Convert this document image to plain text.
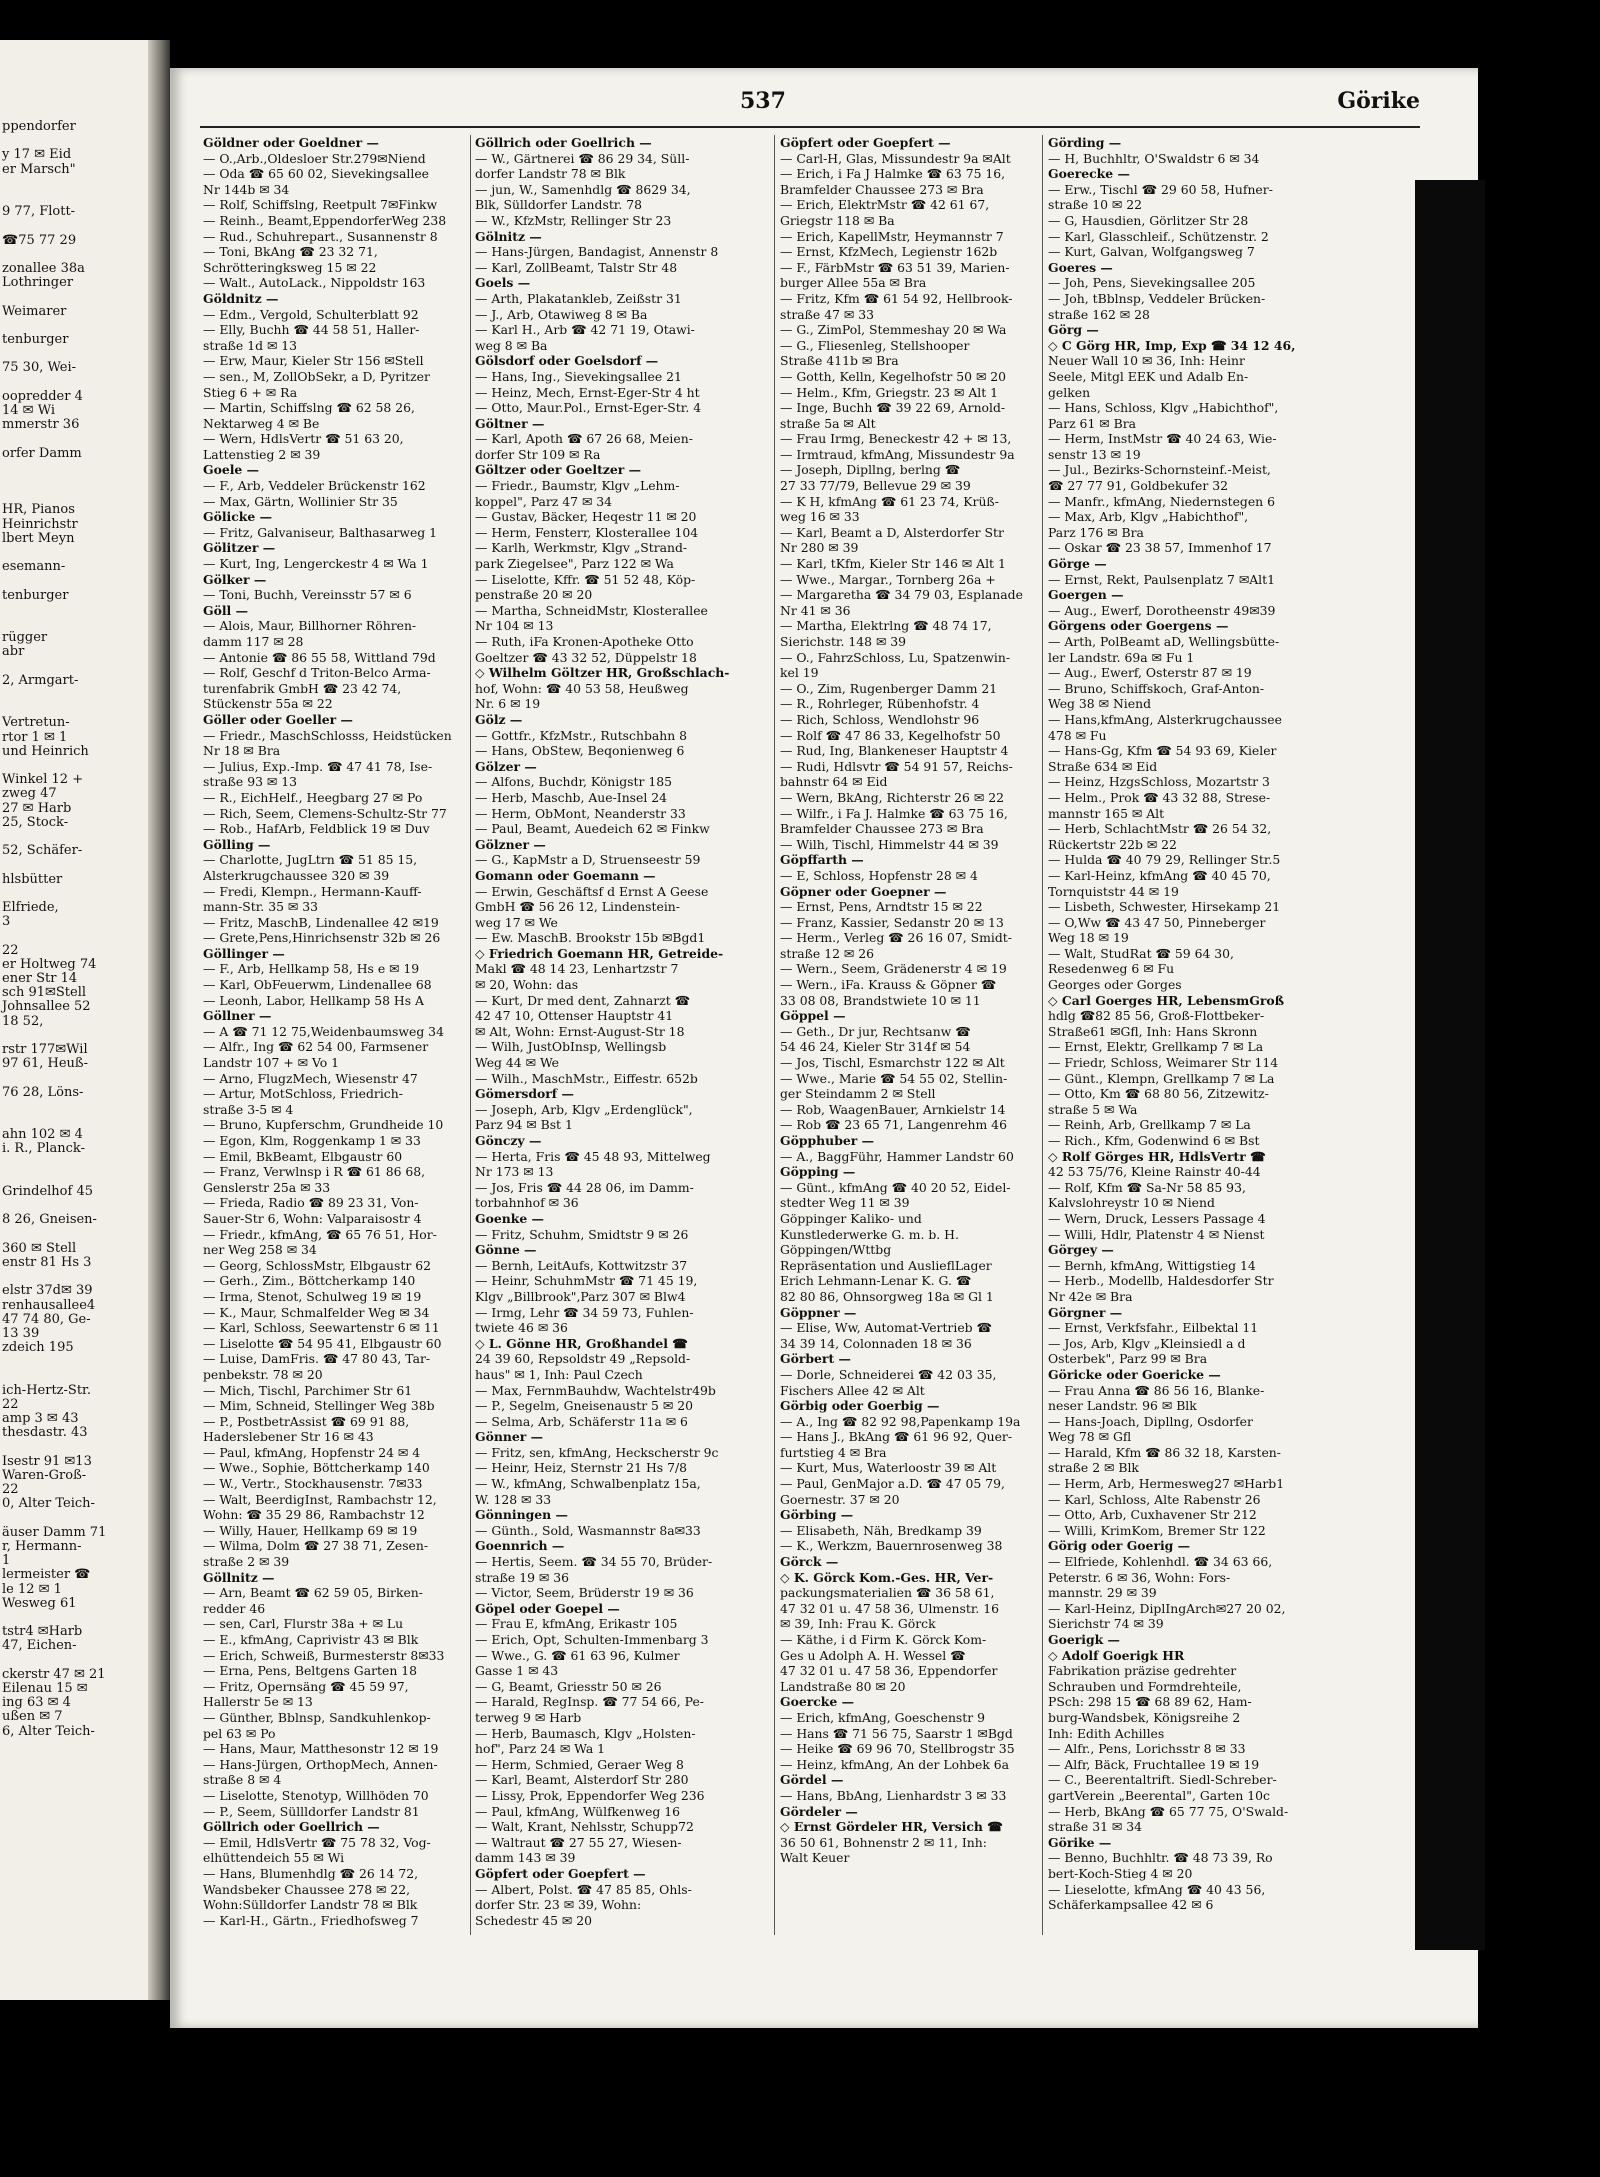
ppendorfer
y 17 ✉ Eid
er Marsch"
9 77, Flott-
☎75 77 29
zonallee 38a
Lothringer
Weimarer
tenburger
75 30, Wei-
oopredder 4
14 ✉ Wi
mmerstr 36
orfer Damm
HR, Pianos
Heinrichstr
lbert Meyn
esemann-
tenburger
rügger
abr
2, Armgart-
Vertretun-
rtor 1 ✉ 1
und Heinrich
Winkel 12 +
zweg 47
27 ✉ Harb
25, Stock-
52, Schäfer-
hlsbütter
Elfriede,
3
22
er Holtweg 74
ener Str 14
sch 91✉Stell
Johnsallee 52
18 52,
rstr 177✉Wil
97 61, Heuß-
76 28, Löns-
ahn 102 ✉ 4
i. R., Planck-
Grindelhof 45
8 26, Gneisen-
360 ✉ Stell
enstr 81 Hs 3
elstr 37d✉ 39
renhausallee4
47 74 80, Ge-
13 39
zdeich 195
ich-Hertz-Str.
22
amp 3 ✉ 43
thesdastr. 43
Isestr 91 ✉13
Waren-Groß-
22
0, Alter Teich-
äuser Damm 71
r, Hermann-
1
lermeister ☎
le 12 ✉ 1
Wesweg 61
tstr4 ✉Harb
47, Eichen-
ckerstr 47 ✉ 21
Eilenau 15 ✉
ing 63 ✉ 4
ußen ✉ 7
6, Alter Teich-
537	Görike
Göldner oder Goeldner —
— O.,Arb.,Oldesloer Str.279✉Niend
— Oda ☎ 65 60 02, Sievekingsallee
Nr 144b ✉ 34
— Rolf, Schiffslng, Reetpult 7✉Finkw
— Reinh., Beamt,EppendorferWeg 238
— Rud., Schuhrepart., Susannenstr 8
— Toni, BkAng ☎ 23 32 71,
Schrötteringksweg 15 ✉ 22
— Walt., AutoLack., Nippoldstr 163
Göldnitz —
— Edm., Vergold, Schulterblatt 92
— Elly, Buchh ☎ 44 58 51, Haller-
straße 1d ✉ 13
— Erw, Maur, Kieler Str 156 ✉Stell
— sen., M, ZollObSekr, a D, Pyritzer
Stieg 6 + ✉ Ra
— Martin, Schiffslng ☎ 62 58 26,
Nektarweg 4 ✉ Be
— Wern, HdlsVertr ☎ 51 63 20,
Lattenstieg 2 ✉ 39
Goele —
— F., Arb, Veddeler Brückenstr 162
— Max, Gärtn, Wollinier Str 35
Gölicke —
— Fritz, Galvaniseur, Balthasarweg 1
Gölitzer —
— Kurt, Ing, Lengerckestr 4 ✉ Wa 1
Gölker —
— Toni, Buchh, Vereinsstr 57 ✉ 6
Göll —
— Alois, Maur, Billhorner Röhren-
damm 117 ✉ 28
— Antonie ☎ 86 55 58, Wittland 79d
— Rolf, Geschf d Triton-Belco Arma-
turenfabrik GmbH ☎ 23 42 74,
Stückenstr 55a ✉ 22
Göller oder Goeller —
— Friedr., MaschSchlosss, Heidstücken
Nr 18 ✉ Bra
— Julius, Exp.-Imp. ☎ 47 41 78, Ise-
straße 93 ✉ 13
— R., EichHelf., Heegbarg 27 ✉ Po
— Rich, Seem, Clemens-Schultz-Str 77
— Rob., HafArb, Feldblick 19 ✉ Duv
Gölling —
— Charlotte, JugLtrn ☎ 51 85 15,
Alsterkrugchaussee 320 ✉ 39
— Fredi, Klempn., Hermann-Kauff-
mann-Str. 35 ✉ 33
— Fritz, MaschB, Lindenallee 42 ✉19
— Grete,Pens,Hinrichsenstr 32b ✉ 26
Göllinger —
— F., Arb, Hellkamp 58, Hs e ✉ 19
— Karl, ObFeuerwm, Lindenallee 68
— Leonh, Labor, Hellkamp 58 Hs A
Göllner —
— A ☎ 71 12 75,Weidenbaumsweg 34
— Alfr., Ing ☎ 62 54 00, Farmsener
Landstr 107 + ✉ Vo 1
— Arno, FlugzMech, Wiesenstr 47
— Artur, MotSchloss, Friedrich-
straße 3-5 ✉ 4
— Bruno, Kupferschm, Grundheide 10
— Egon, Klm, Roggenkamp 1 ✉ 33
— Emil, BkBeamt, Elbgaustr 60
— Franz, Verwlnsp i R ☎ 61 86 68,
Genslerstr 25a ✉ 33
— Frieda, Radio ☎ 89 23 31, Von-
Sauer-Str 6, Wohn: Valparaisostr 4
— Friedr., kfmAng, ☎ 65 76 51, Hor-
ner Weg 258 ✉ 34
— Georg, SchlossMstr, Elbgaustr 62
— Gerh., Zim., Böttcherkamp 140
— Irma, Stenot, Schulweg 19 ✉ 19
— K., Maur, Schmalfelder Weg ✉ 34
— Karl, Schloss, Seewartenstr 6 ✉ 11
— Liselotte ☎ 54 95 41, Elbgaustr 60
— Luise, DamFris. ☎ 47 80 43, Tar-
penbekstr. 78 ✉ 20
— Mich, Tischl, Parchimer Str 61
— Mim, Schneid, Stellinger Weg 38b
— P., PostbetrAssist ☎ 69 91 88,
Haderslebener Str 16 ✉ 43
— Paul, kfmAng, Hopfenstr 24 ✉ 4
— Wwe., Sophie, Böttcherkamp 140
— W., Vertr., Stockhausenstr. 7✉33
— Walt, BeerdigInst, Rambachstr 12,
Wohn: ☎ 35 29 86, Rambachstr 12
— Willy, Hauer, Hellkamp 69 ✉ 19
— Wilma, Dolm ☎ 27 38 71, Zesen-
straße 2 ✉ 39
Göllnitz —
— Arn, Beamt ☎ 62 59 05, Birken-
redder 46
— sen, Carl, Flurstr 38a + ✉ Lu
— E., kfmAng, Caprivistr 43 ✉ Blk
— Erich, Schweiß, Burmesterstr 8✉33
— Erna, Pens, Beltgens Garten 18
— Fritz, Opernsäng ☎ 45 59 97,
Hallerstr 5e ✉ 13
— Günther, Bblnsp, Sandkuhlenkop-
pel 63 ✉ Po
— Hans, Maur, Matthesonstr 12 ✉ 19
— Hans-Jürgen, OrthopMech, Annen-
straße 8 ✉ 4
— Liselotte, Stenotyp, Willhöden 70
— P., Seem, Süllldorfer Landstr 81
Göllrich oder Goellrich —
— Emil, HdlsVertr ☎ 75 78 32, Vog-
elhüttendeich 55 ✉ Wi
— Hans, Blumenhdlg ☎ 26 14 72,
Wandsbeker Chaussee 278 ✉ 22,
Wohn:Sülldorfer Landstr 78 ✉ Blk
— Karl-H., Gärtn., Friedhofsweg 7
Göllrich oder Goellrich —
— W., Gärtnerei ☎ 86 29 34, Süll-
dorfer Landstr 78 ✉ Blk
— jun, W., Samenhdlg ☎ 8629 34,
Blk, Sülldorfer Landstr. 78
— W., KfzMstr, Rellinger Str 23
Gölnitz —
— Hans-Jürgen, Bandagist, Annenstr 8
— Karl, ZollBeamt, Talstr Str 48
Goels —
— Arth, Plakatankleb, Zeißstr 31
— J., Arb, Otawiweg 8 ✉ Ba
— Karl H., Arb ☎ 42 71 19, Otawi-
weg 8 ✉ Ba
Gölsdorf oder Goelsdorf —
— Hans, Ing., Sievekingsallee 21
— Heinz, Mech, Ernst-Eger-Str 4 ht
— Otto, Maur.Pol., Ernst-Eger-Str. 4
Göltner —
— Karl, Apoth ☎ 67 26 68, Meien-
dorfer Str 109 ✉ Ra
Göltzer oder Goeltzer —
— Friedr., Baumstr, Klgv „Lehm-
koppel", Parz 47 ✉ 34
— Gustav, Bäcker, Heqestr 11 ✉ 20
— Herm, Fensterr, Klosterallee 104
— Karlh, Werkmstr, Klgv „Strand-
park Ziegelsee", Parz 122 ✉ Wa
— Liselotte, Kffr. ☎ 51 52 48, Köp-
penstraße 20 ✉ 20
— Martha, SchneidMstr, Klosterallee
Nr 104 ✉ 13
— Ruth, iFa Kronen-Apotheke Otto
Goeltzer ☎ 43 32 52, Düppelstr 18
◇ Wilhelm Göltzer HR, Großschlach-
hof, Wohn: ☎ 40 53 58, Heußweg
Nr. 6 ✉ 19
Gölz —
— Gottfr., KfzMstr., Rutschbahn 8
— Hans, ObStew, Beqonienweg 6
Gölzer —
— Alfons, Buchdr, Königstr 185
— Herb, Maschb, Aue-Insel 24
— Herm, ObMont, Neanderstr 33
— Paul, Beamt, Auedeich 62 ✉ Finkw
Gölzner —
— G., KapMstr a D, Struenseestr 59
Gomann oder Goemann —
— Erwin, Geschäftsf d Ernst A Geese
GmbH ☎ 56 26 12, Lindenstein-
weg 17 ✉ We
— Ew. MaschB. Brookstr 15b ✉Bgd1
◇ Friedrich Goemann HR, Getreide-
Makl ☎ 48 14 23, Lenhartzstr 7
✉ 20, Wohn: das
— Kurt, Dr med dent, Zahnarzt ☎
42 47 10, Ottenser Hauptstr 41
✉ Alt, Wohn: Ernst-August-Str 18
— Wilh, JustObInsp, Wellingsb
Weg 44 ✉ We
— Wilh., MaschMstr., Eiffestr. 652b
Gömersdorf —
— Joseph, Arb, Klgv „Erdenglück",
Parz 94 ✉ Bst 1
Gönczy —
— Herta, Fris ☎ 45 48 93, Mittelweg
Nr 173 ✉ 13
— Jos, Fris ☎ 44 28 06, im Damm-
torbahnhof ✉ 36
Goenke —
— Fritz, Schuhm, Smidtstr 9 ✉ 26
Gönne —
— Bernh, LeitAufs, Kottwitzstr 37
— Heinr, SchuhmMstr ☎ 71 45 19,
Klgv „Billbrook",Parz 307 ✉ Blw4
— Irmg, Lehr ☎ 34 59 73, Fuhlen-
twiete 46 ✉ 36
◇ L. Gönne HR, Großhandel ☎
24 39 60, Repsoldstr 49 „Repsold-
haus" ✉ 1, Inh: Paul Czech
— Max, FernmBauhdw, Wachtelstr49b
— P., Segelm, Gneisenaustr 5 ✉ 20
— Selma, Arb, Schäferstr 11a ✉ 6
Gönner —
— Fritz, sen, kfmAng, Heckscherstr 9c
— Heinr, Heiz, Sternstr 21 Hs 7/8
— W., kfmAng, Schwalbenplatz 15a,
W. 128 ✉ 33
Gönningen —
— Günth., Sold, Wasmannstr 8a✉33
Goennrich —
— Hertis, Seem. ☎ 34 55 70, Brüder-
straße 19 ✉ 36
— Victor, Seem, Brüderstr 19 ✉ 36
Göpel oder Goepel —
— Frau E, kfmAng, Erikastr 105
— Erich, Opt, Schulten-Immenbarg 3
— Wwe., G. ☎ 61 63 96, Kulmer
Gasse 1 ✉ 43
— G, Beamt, Griesstr 50 ✉ 26
— Harald, RegInsp. ☎ 77 54 66, Pe-
terweg 9 ✉ Harb
— Herb, Baumasch, Klgv „Holsten-
hof", Parz 24 ✉ Wa 1
— Herm, Schmied, Geraer Weg 8
— Karl, Beamt, Alsterdorf Str 280
— Lissy, Prok, Eppendorfer Weg 236
— Paul, kfmAng, Wülfkenweg 16
— Walt, Krant, Nehlsstr, Schupp72
— Waltraut ☎ 27 55 27, Wiesen-
damm 143 ✉ 39
Göpfert oder Goepfert —
— Albert, Polst. ☎ 47 85 85, Ohls-
dorfer Str. 23 ✉ 39, Wohn:
Schedestr 45 ✉ 20
Göpfert oder Goepfert —
— Carl-H, Glas, Missundestr 9a ✉Alt
— Erich, i Fa J Halmke ☎ 63 75 16,
Bramfelder Chaussee 273 ✉ Bra
— Erich, ElektrMstr ☎ 42 61 67,
Griegstr 118 ✉ Ba
— Erich, KapellMstr, Heymannstr 7
— Ernst, KfzMech, Legienstr 162b
— F., FärbMstr ☎ 63 51 39, Marien-
burger Allee 55a ✉ Bra
— Fritz, Kfm ☎ 61 54 92, Hellbrook-
straße 47 ✉ 33
— G., ZimPol, Stemmeshay 20 ✉ Wa
— G., Fliesenleg, Stellshooper
Straße 411b ✉ Bra
— Gotth, Kelln, Kegelhofstr 50 ✉ 20
— Helm., Kfm, Griegstr. 23 ✉ Alt 1
— Inge, Buchh ☎ 39 22 69, Arnold-
straße 5a ✉ Alt
— Frau Irmg, Beneckestr 42 + ✉ 13,
— Irmtraud, kfmAng, Missundestr 9a
— Joseph, Dipllng, berlng ☎
27 33 77/79, Bellevue 29 ✉ 39
— K H, kfmAng ☎ 61 23 74, Krüß-
weg 16 ✉ 33
— Karl, Beamt a D, Alsterdorfer Str
Nr 280 ✉ 39
— Karl, tKfm, Kieler Str 146 ✉ Alt 1
— Wwe., Margar., Tornberg 26a +
— Margaretha ☎ 34 79 03, Esplanade
Nr 41 ✉ 36
— Martha, Elektrlng ☎ 48 74 17,
Sierichstr. 148 ✉ 39
— O., FahrzSchloss, Lu, Spatzenwin-
kel 19
— O., Zim, Rugenberger Damm 21
— R., Rohrleger, Rübenhofstr. 4
— Rich, Schloss, Wendlohstr 96
— Rolf ☎ 47 86 33, Kegelhofstr 50
— Rud, Ing, Blankeneser Hauptstr 4
— Rudi, Hdlsvtr ☎ 54 91 57, Reichs-
bahnstr 64 ✉ Eid
— Wern, BkAng, Richterstr 26 ✉ 22
— Wilfr., i Fa J. Halmke ☎ 63 75 16,
Bramfelder Chaussee 273 ✉ Bra
— Wilh, Tischl, Himmelstr 44 ✉ 39
Göpffarth —
— E, Schloss, Hopfenstr 28 ✉ 4
Göpner oder Goepner —
— Ernst, Pens, Arndtstr 15 ✉ 22
— Franz, Kassier, Sedanstr 20 ✉ 13
— Herm., Verleg ☎ 26 16 07, Smidt-
straße 12 ✉ 26
— Wern., Seem, Grädenerstr 4 ✉ 19
— Wern., iFa. Krauss & Göpner ☎
33 08 08, Brandstwiete 10 ✉ 11
Göppel —
— Geth., Dr jur, Rechtsanw ☎
54 46 24, Kieler Str 314f ✉ 54
— Jos, Tischl, Esmarchstr 122 ✉ Alt
— Wwe., Marie ☎ 54 55 02, Stellin-
ger Steindamm 2 ✉ Stell
— Rob, WaagenBauer, Arnkielstr 14
— Rob ☎ 23 65 71, Langenrehm 46
Göpphuber —
— A., BaggFühr, Hammer Landstr 60
Göpping —
— Günt., kfmAng ☎ 40 20 52, Eidel-
stedter Weg 11 ✉ 39
Göppinger Kaliko- und
Kunstlederwerke G. m. b. H.
Göppingen/Wttbg
Repräsentation und AuslieflLager
Erich Lehmann-Lenar K. G. ☎
82 80 86, Ohnsorgweg 18a ✉ Gl 1
Göppner —
— Elise, Ww, Automat-Vertrieb ☎
34 39 14, Colonnaden 18 ✉ 36
Görbert —
— Dorle, Schneiderei ☎ 42 03 35,
Fischers Allee 42 ✉ Alt
Görbig oder Goerbig —
— A., Ing ☎ 82 92 98,Papenkamp 19a
— Hans J., BkAng ☎ 61 96 92, Quer-
furtstieg 4 ✉ Bra
— Kurt, Mus, Waterloostr 39 ✉ Alt
— Paul, GenMajor a.D. ☎ 47 05 79,
Goernestr. 37 ✉ 20
Görbing —
— Elisabeth, Näh, Bredkamp 39
— K., Werkzm, Bauernrosenweg 38
Görck —
◇ K. Görck Kom.-Ges. HR, Ver-
packungsmaterialien ☎ 36 58 61,
47 32 01 u. 47 58 36, Ulmenstr. 16
✉ 39, Inh: Frau K. Görck
— Käthe, i d Firm K. Görck Kom-
Ges u Adolph A. H. Wessel ☎
47 32 01 u. 47 58 36, Eppendorfer
Landstraße 80 ✉ 20
Goercke —
— Erich, kfmAng, Goeschenstr 9
— Hans ☎ 71 56 75, Saarstr 1 ✉Bgd
— Heike ☎ 69 96 70, Stellbrogstr 35
— Heinz, kfmAng, An der Lohbek 6a
Gördel —
— Hans, BbAng, Lienhardstr 3 ✉ 33
Gördeler —
◇ Ernst Gördeler HR, Versich ☎
36 50 61, Bohnenstr 2 ✉ 11, Inh:
Walt Keuer
Görding —
— H, Buchhltr, O'Swaldstr 6 ✉ 34
Goerecke —
— Erw., Tischl ☎ 29 60 58, Hufner-
straße 10 ✉ 22
— G, Hausdien, Görlitzer Str 28
— Karl, Glasschleif., Schützenstr. 2
— Kurt, Galvan, Wolfgangsweg 7
Goeres —
— Joh, Pens, Sievekingsallee 205
— Joh, tBblnsp, Veddeler Brücken-
straße 162 ✉ 28
Görg —
◇ C Görg HR, Imp, Exp ☎ 34 12 46,
Neuer Wall 10 ✉ 36, Inh: Heinr
Seele, Mitgl EEK und Adalb En-
gelken
— Hans, Schloss, Klgv „Habichthof",
Parz 61 ✉ Bra
— Herm, InstMstr ☎ 40 24 63, Wie-
senstr 13 ✉ 19
— Jul., Bezirks-Schornsteinf.-Meist,
☎ 27 77 91, Goldbekufer 32
— Manfr., kfmAng, Niedernstegen 6
— Max, Arb, Klgv „Habichthof",
Parz 176 ✉ Bra
— Oskar ☎ 23 38 57, Immenhof 17
Görge —
— Ernst, Rekt, Paulsenplatz 7 ✉Alt1
Goergen —
— Aug., Ewerf, Dorotheenstr 49✉39
Görgens oder Goergens —
— Arth, PolBeamt aD, Wellingsbütte-
ler Landstr. 69a ✉ Fu 1
— Aug., Ewerf, Osterstr 87 ✉ 19
— Bruno, Schiffskoch, Graf-Anton-
Weg 38 ✉ Niend
— Hans,kfmAng, Alsterkrugchaussee
478 ✉ Fu
— Hans-Gg, Kfm ☎ 54 93 69, Kieler
Straße 634 ✉ Eid
— Heinz, HzgsSchloss, Mozartstr 3
— Helm., Prok ☎ 43 32 88, Strese-
mannstr 165 ✉ Alt
— Herb, SchlachtMstr ☎ 26 54 32,
Rückertstr 22b ✉ 22
— Hulda ☎ 40 79 29, Rellinger Str.5
— Karl-Heinz, kfmAng ☎ 40 45 70,
Tornquiststr 44 ✉ 19
— Lisbeth, Schwester, Hirsekamp 21
— O,Ww ☎ 43 47 50, Pinneberger
Weg 18 ✉ 19
— Walt, StudRat ☎ 59 64 30,
Resedenweg 6 ✉ Fu
Georges oder Gorges
◇ Carl Goerges HR, LebensmGroß
hdlg ☎82 85 56, Groß-Flottbeker-
Straße61 ✉Gfl, Inh: Hans Skronn
— Ernst, Elektr, Grellkamp 7 ✉ La
— Friedr, Schloss, Weimarer Str 114
— Günt., Klempn, Grellkamp 7 ✉ La
— Otto, Km ☎ 68 80 56, Zitzewitz-
straße 5 ✉ Wa
— Reinh, Arb, Grellkamp 7 ✉ La
— Rich., Kfm, Godenwind 6 ✉ Bst
◇ Rolf Görges HR, HdlsVertr ☎
42 53 75/76, Kleine Rainstr 40-44
— Rolf, Kfm ☎ Sa-Nr 58 85 93,
Kalvslohreystr 10 ✉ Niend
— Wern, Druck, Lessers Passage 4
— Willi, Hdlr, Platenstr 4 ✉ Nienst
Görgey —
— Bernh, kfmAng, Wittigstieg 14
— Herb., Modellb, Haldesdorfer Str
Nr 42e ✉ Bra
Görgner —
— Ernst, Verkfsfahr., Eilbektal 11
— Jos, Arb, Klgv „Kleinsiedl a d
Osterbek", Parz 99 ✉ Bra
Göricke oder Goericke —
— Frau Anna ☎ 86 56 16, Blanke-
neser Landstr. 96 ✉ Blk
— Hans-Joach, Dipllng, Osdorfer
Weg 78 ✉ Gfl
— Harald, Kfm ☎ 86 32 18, Karsten-
straße 2 ✉ Blk
— Herm, Arb, Hermesweg27 ✉Harb1
— Karl, Schloss, Alte Rabenstr 26
— Otto, Arb, Cuxhavener Str 212
— Willi, KrimKom, Bremer Str 122
Görig oder Goerig —
— Elfriede, Kohlenhdl. ☎ 34 63 66,
Peterstr. 6 ✉ 36, Wohn: Fors-
mannstr. 29 ✉ 39
— Karl-Heinz, DiplIngArch✉27 20 02,
Sierichstr 74 ✉ 39
Goerigk —
◇ Adolf Goerigk HR
Fabrikation präzise gedrehter
Schrauben und Formdrehteile,
PSch: 298 15 ☎ 68 89 62, Ham-
burg-Wandsbek, Königsreihe 2
Inh: Edith Achilles
— Alfr., Pens, Lorichsstr 8 ✉ 33
— Alfr, Bäck, Fruchtallee 19 ✉ 19
— C., Beerentaltrift. Siedl-Schreber-
gartVerein „Beerental", Garten 10c
— Herb, BkAng ☎ 65 77 75, O'Swald-
straße 31 ✉ 34
Görike —
— Benno, Buchhltr. ☎ 48 73 39, Ro
bert-Koch-Stieg 4 ✉ 20
— Lieselotte, kfmAng ☎ 40 43 56,
Schäferkampsallee 42 ✉ 6
